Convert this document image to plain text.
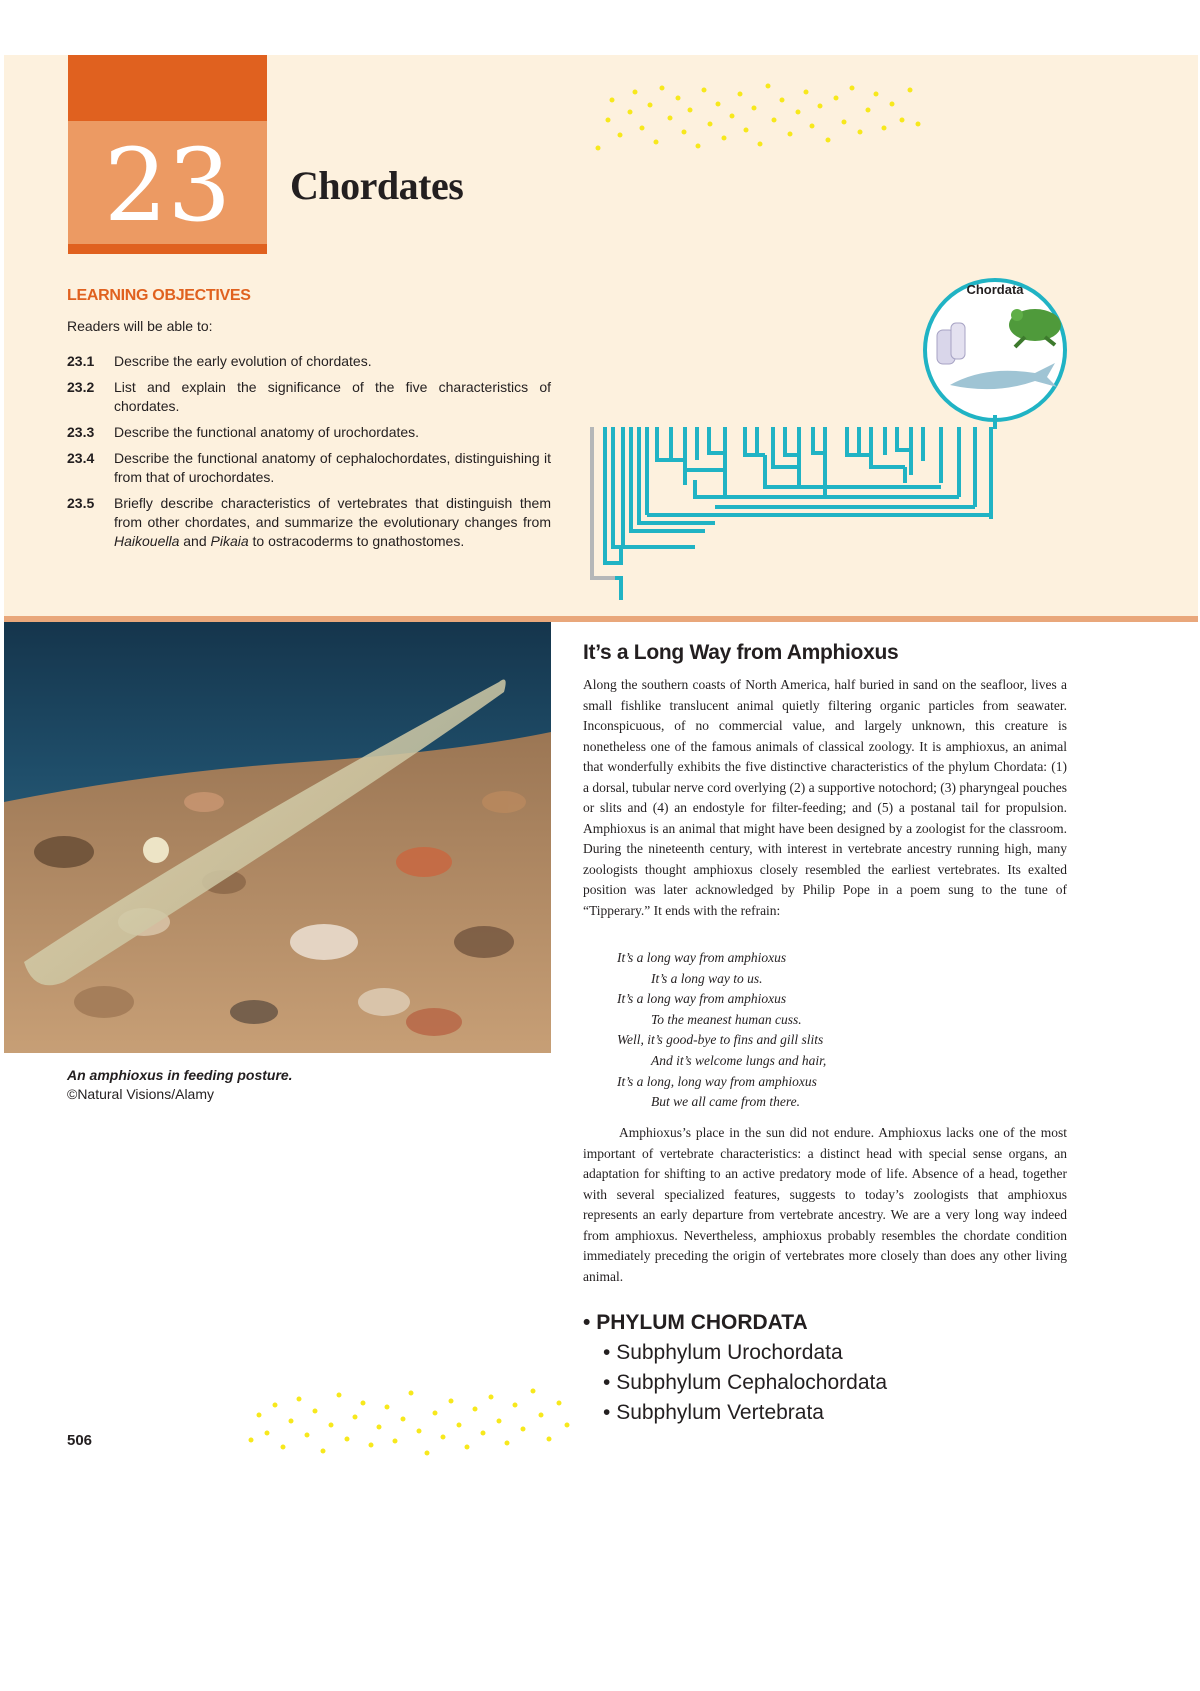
23	Chordates
LEARNING OBJECTIVES
Readers will be able to:
23.1	Describe the early evolution of chordates.
23.2	List and explain the significance of the five characteristics of chordates.
23.3	Describe the functional anatomy of urochordates.
23.4	Describe the functional anatomy of cephalochordates, distinguishing it from that of urochordates.
23.5	Briefly describe characteristics of vertebrates that distinguish them from other chordates, and summarize the evolutionary changes from Haikouella and Pikaia to ostracoderms to gnathostomes.
Chordata
An amphioxus in feeding posture.
©Natural Visions/Alamy
It’s a Long Way from Amphioxus

Along the southern coasts of North America, half buried in sand on the seafloor, lives a small fishlike translucent animal quietly filtering organic particles from seawater. Inconspicuous, of no commercial value, and largely unknown, this creature is nonetheless one of the famous animals of classical zoology. It is amphioxus, an animal that wonderfully exhibits the five distinctive characteristics of the phylum Chordata: (1) a dorsal, tubular nerve cord overlying (2) a supportive notochord; (3) pharyngeal pouches or slits and (4) an endostyle for filter-feeding; and (5) a postanal tail for propulsion. Amphioxus is an animal that might have been designed by a zoologist for the classroom. During the nineteenth century, with interest in vertebrate ancestry running high, many zoologists thought amphioxus closely resembled the earliest vertebrates. Its exalted position was later acknowledged by Philip Pope in a poem sung to the tune of “Tipperary.” It ends with the refrain:

It’s a long way from amphioxus
It’s a long way to us.
It’s a long way from amphioxus
To the meanest human cuss.
Well, it’s good-bye to fins and gill slits
And it’s welcome lungs and hair,
It’s a long, long way from amphioxus
But we all came from there.

Amphioxus’s place in the sun did not endure. Amphioxus lacks one of the most important of vertebrate characteristics: a distinct head with special sense organs, an adaptation for shifting to an active predatory mode of life. Absence of a head, together with several specialized features, suggests to today’s zoologists that amphioxus represents an early departure from vertebrate ancestry. We are a very long way indeed from amphioxus. Nevertheless, amphioxus probably resembles the chordate condition immediately preceding the origin of vertebrates more closely than does any other living animal.

• PHYLUM CHORDATA
• Subphylum Urochordata
• Subphylum Cephalochordata
• Subphylum Vertebrata
506
